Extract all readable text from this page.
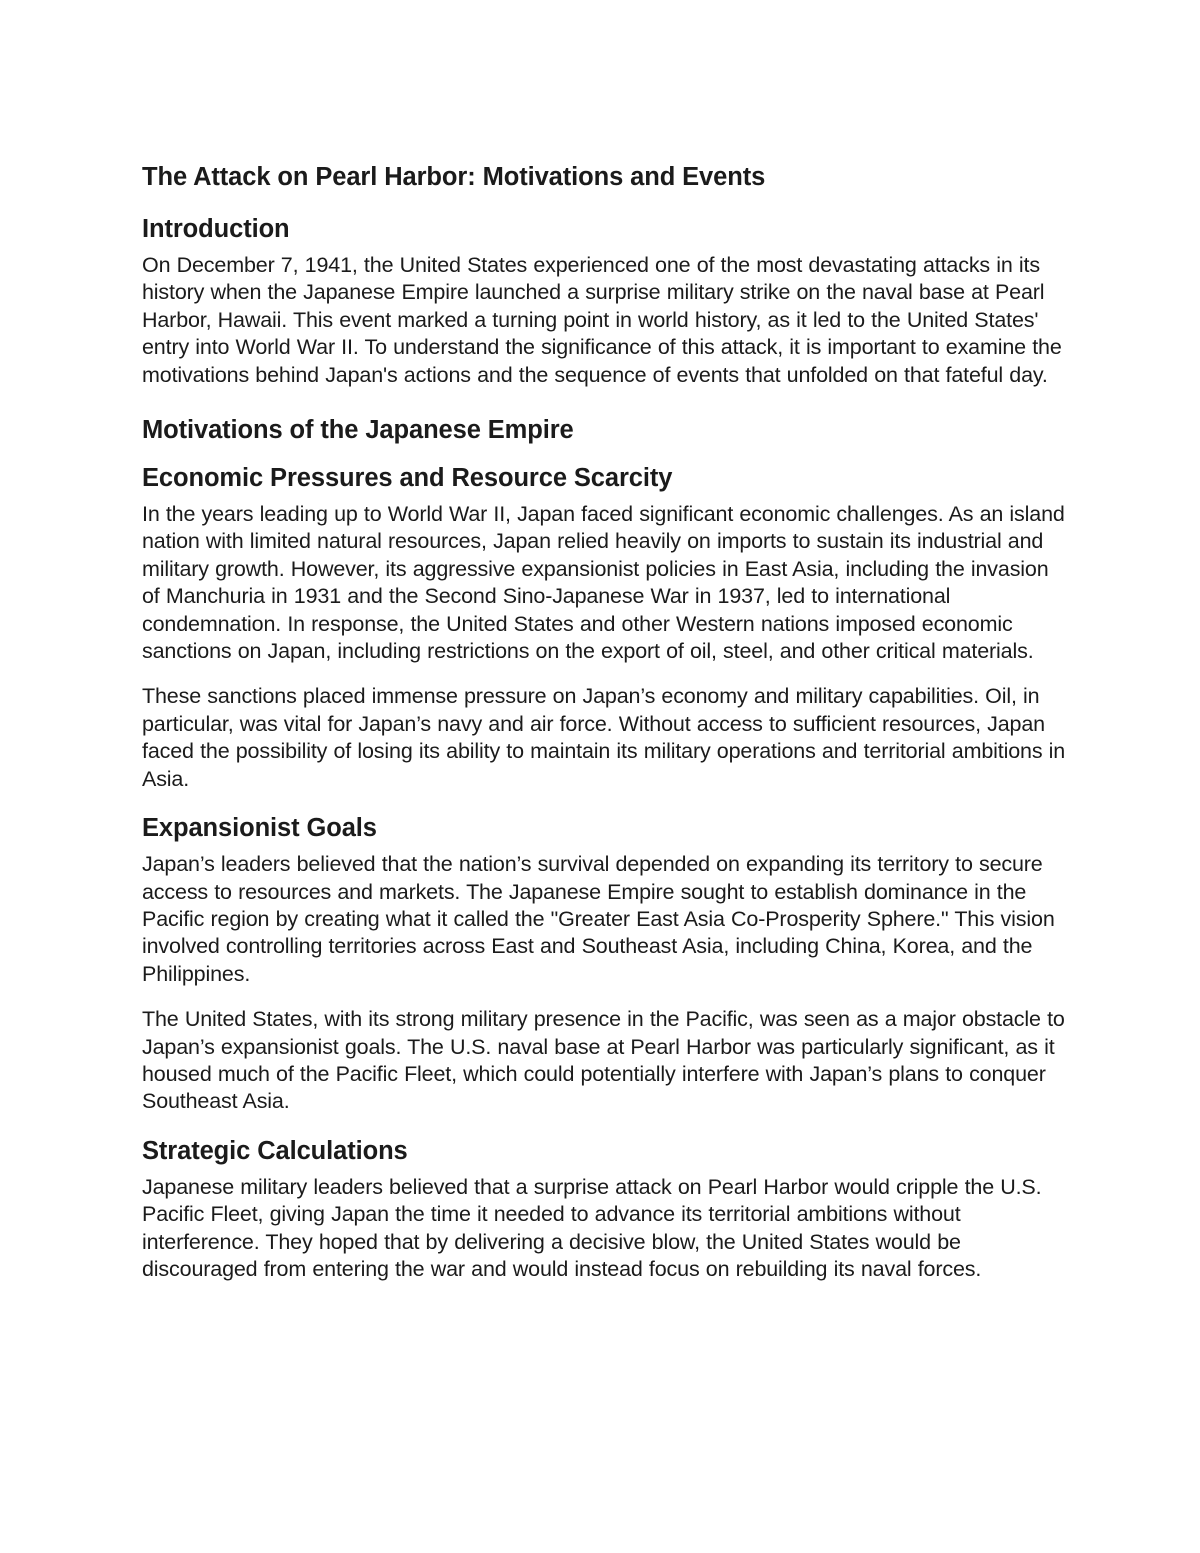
The Attack on Pearl Harbor: Motivations and Events
Introduction

On December 7, 1941, the United States experienced one of the most devastating attacks in its history when the Japanese Empire launched a surprise military strike on the naval base at Pearl Harbor, Hawaii. This event marked a turning point in world history, as it led to the United States' entry into World War II. To understand the significance of this attack, it is important to examine the motivations behind Japan's actions and the sequence of events that unfolded on that fateful day.

Motivations of the Japanese Empire
Economic Pressures and Resource Scarcity

In the years leading up to World War II, Japan faced significant economic challenges. As an island nation with limited natural resources, Japan relied heavily on imports to sustain its industrial and military growth. However, its aggressive expansionist policies in East Asia, including the invasion of Manchuria in 1931 and the Second Sino-Japanese War in 1937, led to international condemnation. In response, the United States and other Western nations imposed economic sanctions on Japan, including restrictions on the export of oil, steel, and other critical materials.

These sanctions placed immense pressure on Japan’s economy and military capabilities. Oil, in particular, was vital for Japan’s navy and air force. Without access to sufficient resources, Japan faced the possibility of losing its ability to maintain its military operations and territorial ambitions in Asia.

Expansionist Goals

Japan’s leaders believed that the nation’s survival depended on expanding its territory to secure access to resources and markets. The Japanese Empire sought to establish dominance in the Pacific region by creating what it called the "Greater East Asia Co-Prosperity Sphere." This vision involved controlling territories across East and Southeast Asia, including China, Korea, and the Philippines.

The United States, with its strong military presence in the Pacific, was seen as a major obstacle to Japan’s expansionist goals. The U.S. naval base at Pearl Harbor was particularly significant, as it housed much of the Pacific Fleet, which could potentially interfere with Japan’s plans to conquer Southeast Asia.

Strategic Calculations

Japanese military leaders believed that a surprise attack on Pearl Harbor would cripple the U.S. Pacific Fleet, giving Japan the time it needed to advance its territorial ambitions without interference. They hoped that by delivering a decisive blow, the United States would be discouraged from entering the war and would instead focus on rebuilding its naval forces.
